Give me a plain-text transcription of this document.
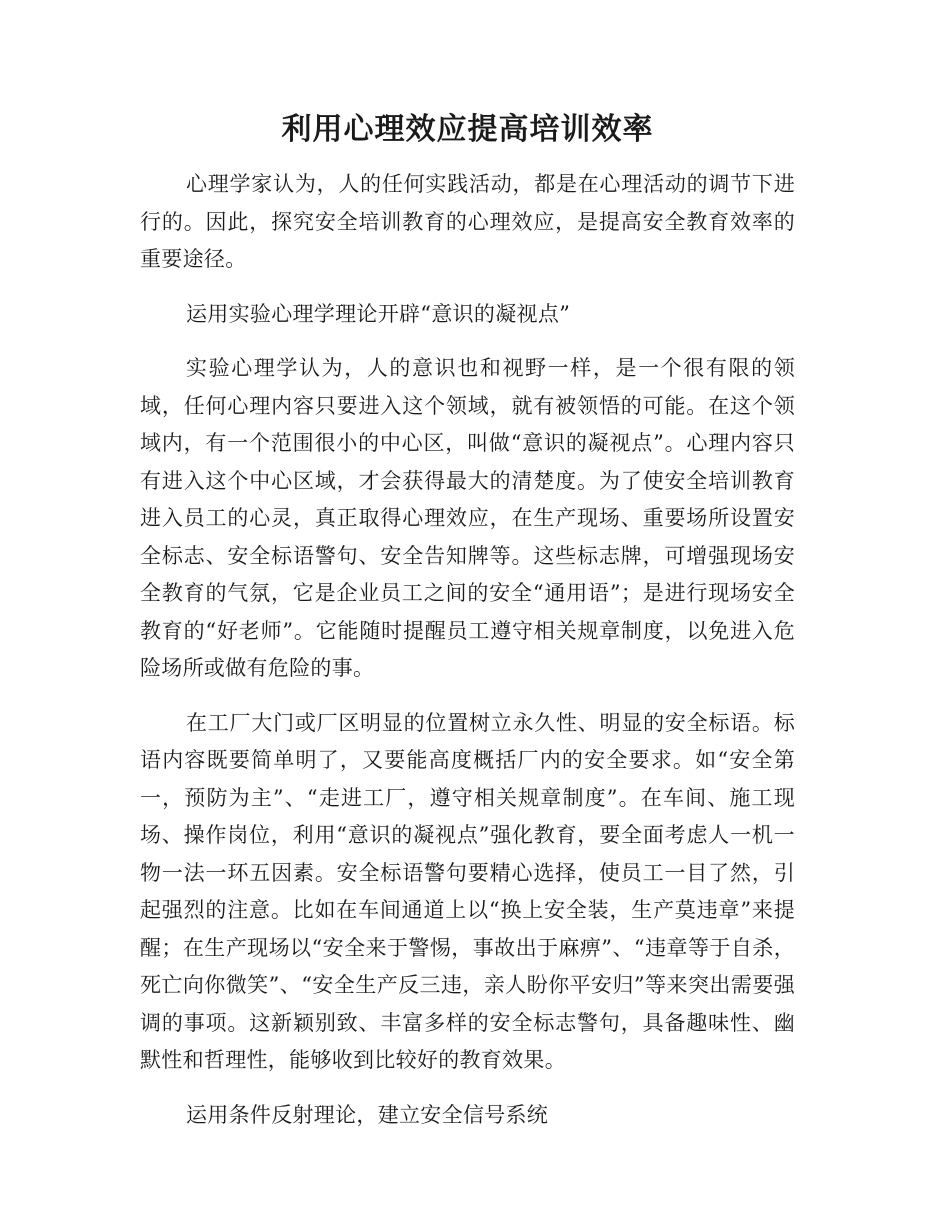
利用心理效应提高培训效率

心理学家认为，人的任何实践活动，都是在心理活动的调节下进行的。因此，探究安全培训教育的心理效应，是提高安全教育效率的重要途径。

运用实验心理学理论开辟“意识的凝视点”

实验心理学认为，人的意识也和视野一样，是一个很有限的领域，任何心理内容只要进入这个领域，就有被领悟的可能。在这个领域内，有一个范围很小的中心区，叫做“意识的凝视点”。心理内容只有进入这个中心区域，才会获得最大的清楚度。为了使安全培训教育进入员工的心灵，真正取得心理效应，在生产现场、重要场所设置安全标志、安全标语警句、安全告知牌等。这些标志牌，可增强现场安全教育的气氛，它是企业员工之间的安全“通用语”；是进行现场安全教育的“好老师”。它能随时提醒员工遵守相关规章制度，以免进入危险场所或做有危险的事。

在工厂大门或厂区明显的位置树立永久性、明显的安全标语。标语内容既要简单明了，又要能高度概括厂内的安全要求。如“安全第一，预防为主”、“走进工厂，遵守相关规章制度”。在车间、施工现场、操作岗位，利用“意识的凝视点”强化教育，要全面考虑人一机一物一法一环五因素。安全标语警句要精心选择，使员工一目了然，引起强烈的注意。比如在车间通道上以“换上安全装，生产莫违章”来提醒；在生产现场以“安全来于警惕，事故出于麻痹”、“违章等于自杀，死亡向你微笑”、“安全生产反三违，亲人盼你平安归”等来突出需要强调的事项。这新颖别致、丰富多样的安全标志警句，具备趣味性、幽默性和哲理性，能够收到比较好的教育效果。

运用条件反射理论，建立安全信号系统
